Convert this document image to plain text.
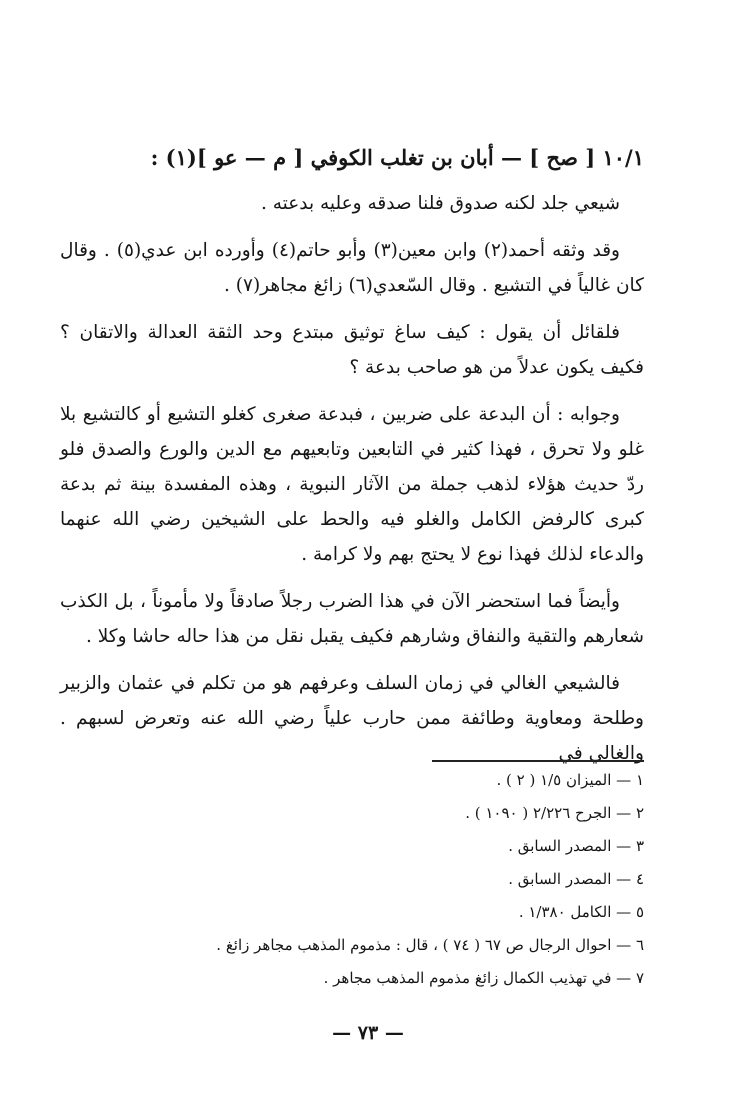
١٠/١ [ صح ] — أبان بن تغلب الكوفي [ م — عو ](١) :

شيعي جلد لكنه صدوق فلنا صدقه وعليه بدعته .

وقد وثقه أحمد(٢) وابن معين(٣) وأبو حاتم(٤) وأورده ابن عدي(٥) . وقال كان غالياً في التشيع . وقال السّعدي(٦) زائغ مجاهر(٧) .

فلقائل أن يقول : كيف ساغ توثيق مبتدع وحد الثقة العدالة والاتقان ؟ فكيف يكون عدلاً من هو صاحب بدعة ؟

وجوابه : أن البدعة على ضربين ، فبدعة صغرى كغلو التشيع أو كالتشيع بلا غلو ولا تحرق ، فهذا كثير في التابعين وتابعيهم مع الدين والورع والصدق فلو ردّ حديث هؤلاء لذهب جملة من الآثار النبوية ، وهذه المفسدة بينة ثم بدعة كبرى كالرفض الكامل والغلو فيه والحط على الشيخين رضي الله عنهما والدعاء لذلك فهذا نوع لا يحتج بهم ولا كرامة .

وأيضاً فما استحضر الآن في هذا الضرب رجلاً صادقاً ولا مأموناً ، بل الكذب شعارهم والتقية والنفاق وشارهم فكيف يقبل نقل من هذا حاله حاشا وكلا .

فالشيعي الغالي في زمان السلف وعرفهم هو من تكلم في عثمان والزبير وطلحة ومعاوية وطائفة ممن حارب علياً رضي الله عنه وتعرض لسبهم . والغالي في

١ — الميزان ١/٥ ( ٢ ) .
٢ — الجرح ٢/٢٢٦ ( ١٠٩٠ ) .
٣ — المصدر السابق .
٤ — المصدر السابق .
٥ — الكامل ١/٣٨٠ .
٦ — احوال الرجال ص ٦٧ ( ٧٤ ) ، قال : مذموم المذهب مجاهر زائغ .
٧ — في تهذيب الكمال زائغ مذموم المذهب مجاهر .
— ٧٣ —
